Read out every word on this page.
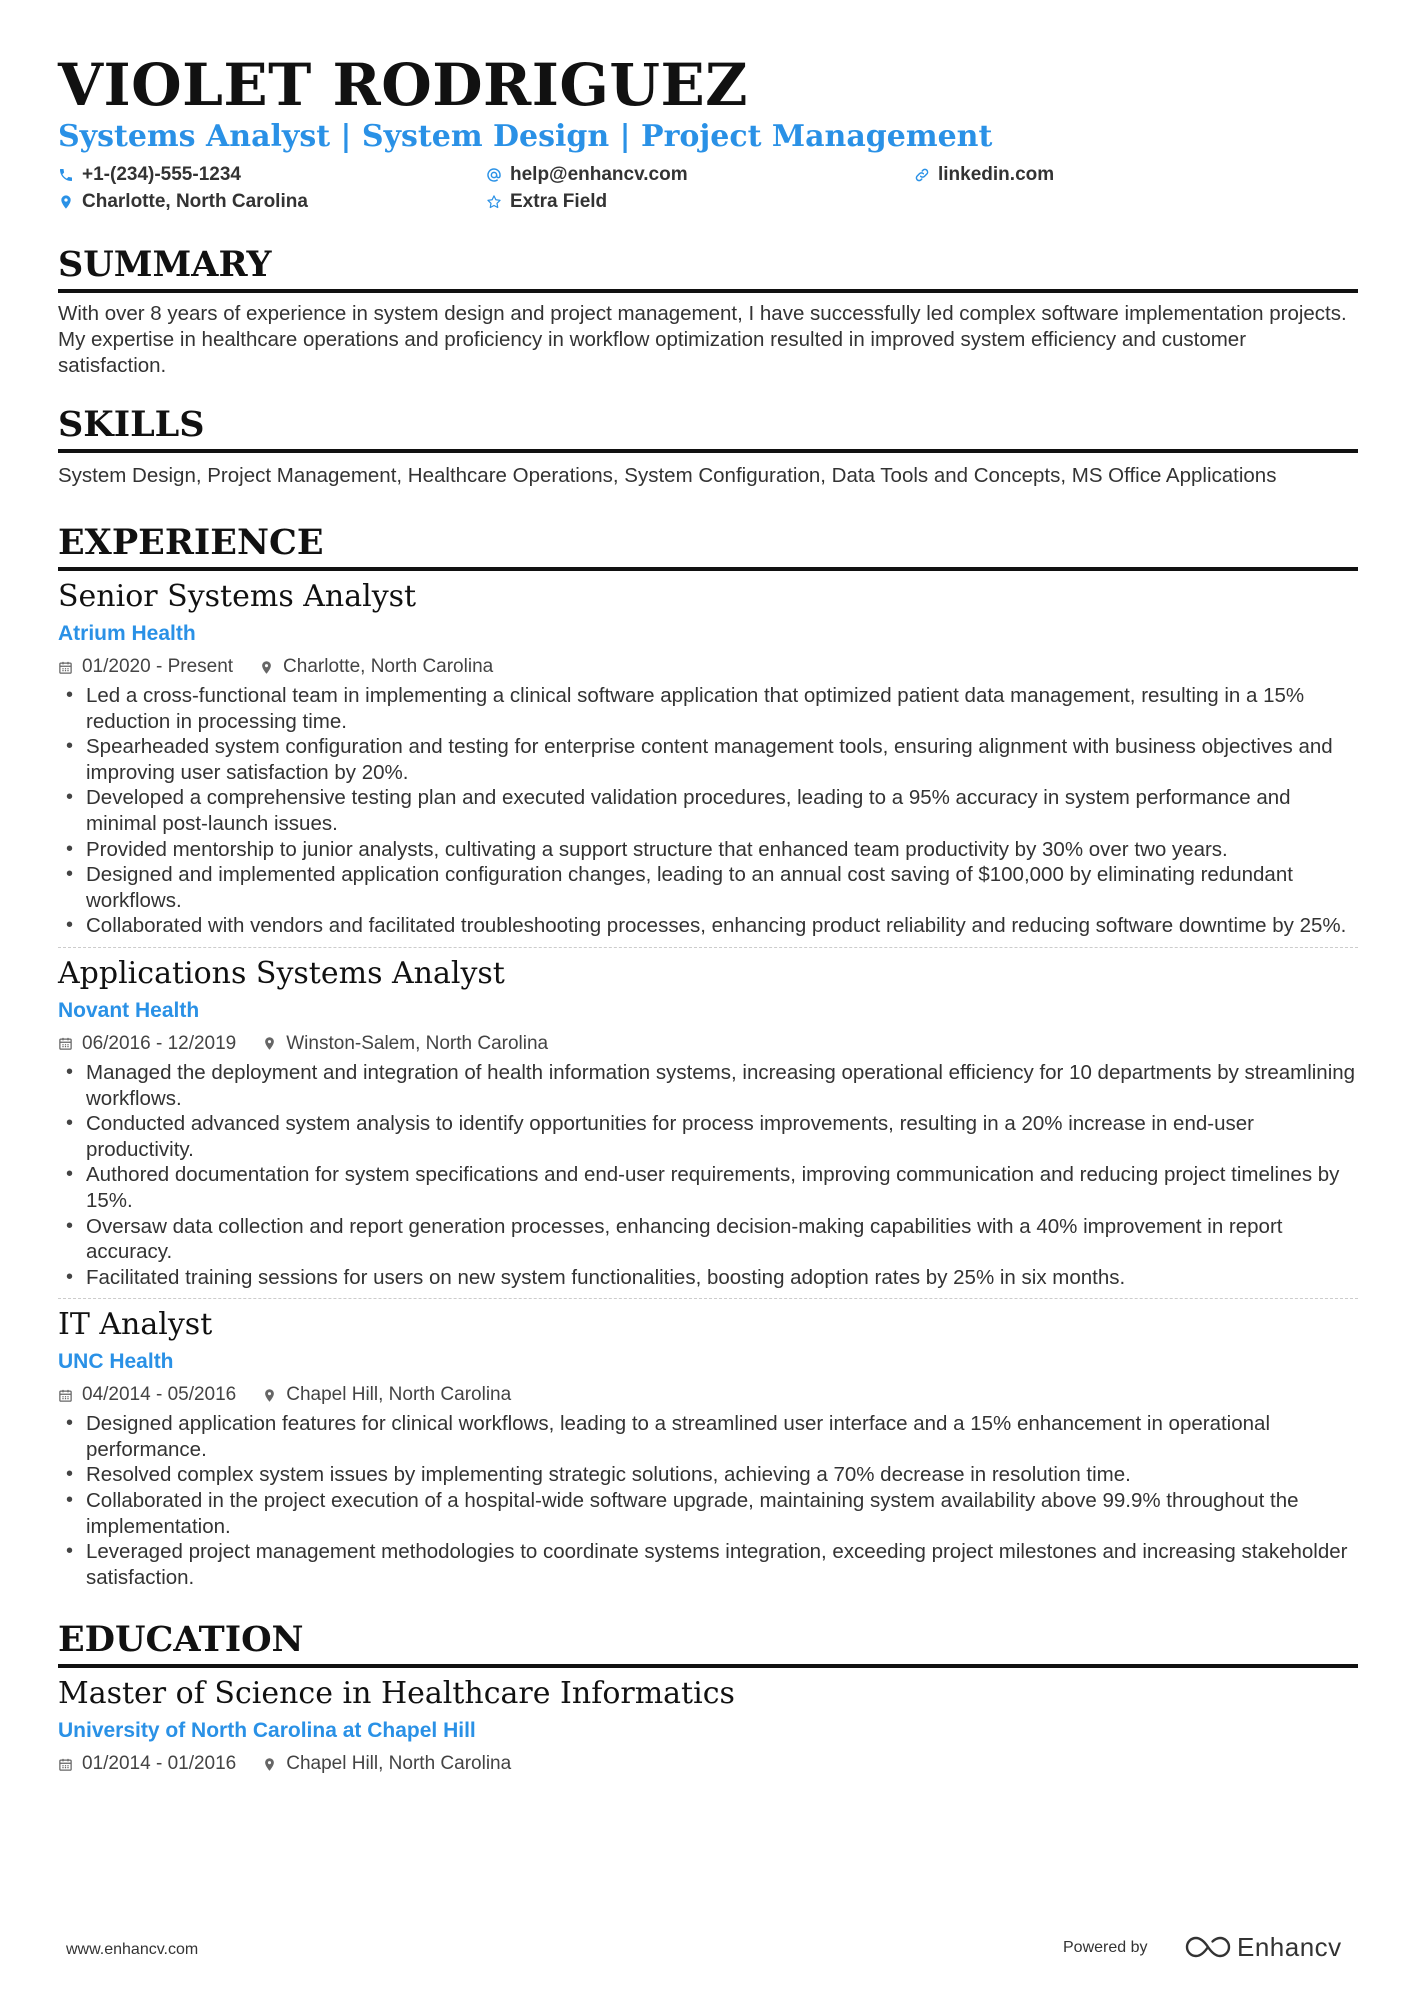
VIOLET RODRIGUEZ
Systems Analyst | System Design | Project Management
+1-(234)-555-1234	help@enhancv.com	linkedin.com
Charlotte, North Carolina	Extra Field
SUMMARY
With over 8 years of experience in system design and project management, I have successfully led complex software implementation projects. My expertise in healthcare operations and proficiency in workflow optimization resulted in improved system efficiency and customer satisfaction.
SKILLS
System Design, Project Management, Healthcare Operations, System Configuration, Data Tools and Concepts, MS Office Applications
EXPERIENCE
Senior Systems Analyst
Atrium Health
01/2020 - Present	Charlotte, North Carolina
• Led a cross-functional team in implementing a clinical software application that optimized patient data management, resulting in a 15% reduction in processing time.
• Spearheaded system configuration and testing for enterprise content management tools, ensuring alignment with business objectives and improving user satisfaction by 20%.
• Developed a comprehensive testing plan and executed validation procedures, leading to a 95% accuracy in system performance and minimal post-launch issues.
• Provided mentorship to junior analysts, cultivating a support structure that enhanced team productivity by 30% over two years.
• Designed and implemented application configuration changes, leading to an annual cost saving of $100,000 by eliminating redundant workflows.
• Collaborated with vendors and facilitated troubleshooting processes, enhancing product reliability and reducing software downtime by 25%.
Applications Systems Analyst
Novant Health
06/2016 - 12/2019	Winston-Salem, North Carolina
• Managed the deployment and integration of health information systems, increasing operational efficiency for 10 departments by streamlining workflows.
• Conducted advanced system analysis to identify opportunities for process improvements, resulting in a 20% increase in end-user productivity.
• Authored documentation for system specifications and end-user requirements, improving communication and reducing project timelines by 15%.
• Oversaw data collection and report generation processes, enhancing decision-making capabilities with a 40% improvement in report accuracy.
• Facilitated training sessions for users on new system functionalities, boosting adoption rates by 25% in six months.
IT Analyst
UNC Health
04/2014 - 05/2016	Chapel Hill, North Carolina
• Designed application features for clinical workflows, leading to a streamlined user interface and a 15% enhancement in operational performance.
• Resolved complex system issues by implementing strategic solutions, achieving a 70% decrease in resolution time.
• Collaborated in the project execution of a hospital-wide software upgrade, maintaining system availability above 99.9% throughout the implementation.
• Leveraged project management methodologies to coordinate systems integration, exceeding project milestones and increasing stakeholder satisfaction.
EDUCATION
Master of Science in Healthcare Informatics
University of North Carolina at Chapel Hill
01/2014 - 01/2016	Chapel Hill, North Carolina
www.enhancv.com	Powered by	Enhancv
